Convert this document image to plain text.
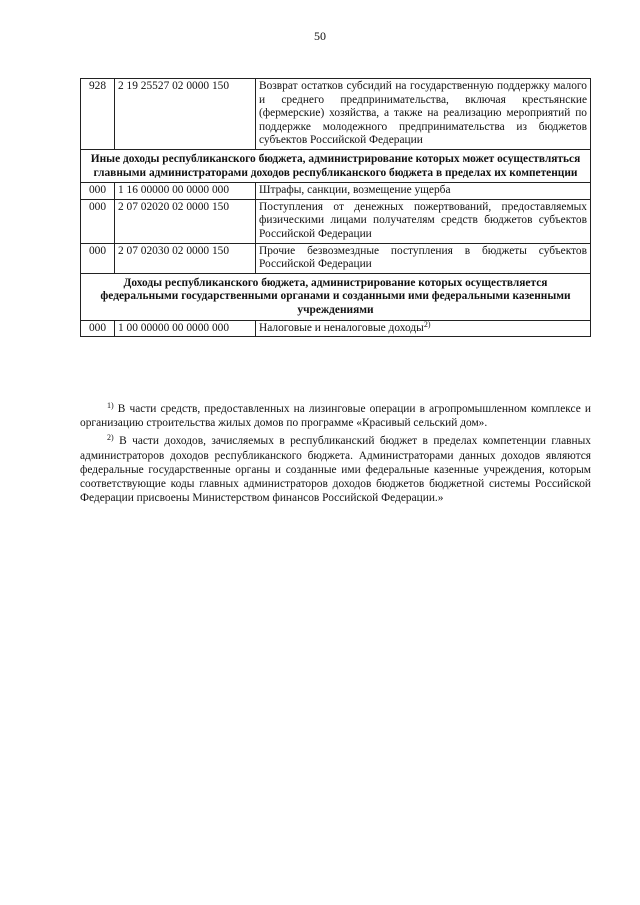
50
928	2 19 25527 02 0000 150	Возврат остатков субсидий на государственную поддержку малого и среднего предпринимательства, включая крестьянские (фермерские) хозяйства, а также на реализацию мероприятий по поддержке молодежного предпринимательства из бюджетов субъектов Российской Федерации
Иные доходы республиканского бюджета, администрирование которых может осуществляться главными администраторами доходов республиканского бюджета в пределах их компетенции		
000	1 16 00000 00 0000 000	Штрафы, санкции, возмещение ущерба
000	2 07 02020 02 0000 150	Поступления от денежных пожертвований, предоставляемых физическими лицами получателям средств бюджетов субъектов Российской Федерации
000	2 07 02030 02 0000 150	Прочие безвозмездные поступления в бюджеты субъектов Российской Федерации
Доходы республиканского бюджета, администрирование которых осуществляется федеральными государственными органами и созданными ими федеральными казенными учреждениями		
000	1 00 00000 00 0000 000	Налоговые и неналоговые доходы$^{2)}$

$^{1)}$ В части средств, предоставленных на лизинговые операции в агропромышленном комплексе и организацию строительства жилых домов по программе «Красивый сельский дом».

$^{2)}$ В части доходов, зачисляемых в республиканский бюджет в пределах компетенции главных администраторов доходов республиканского бюджета. Администраторами данных доходов являются федеральные государственные органы и созданные ими федеральные казенные учреждения, которым соответствующие коды главных администраторов доходов бюджетов бюджетной системы Российской Федерации присвоены Министерством финансов Российской Федерации.»
